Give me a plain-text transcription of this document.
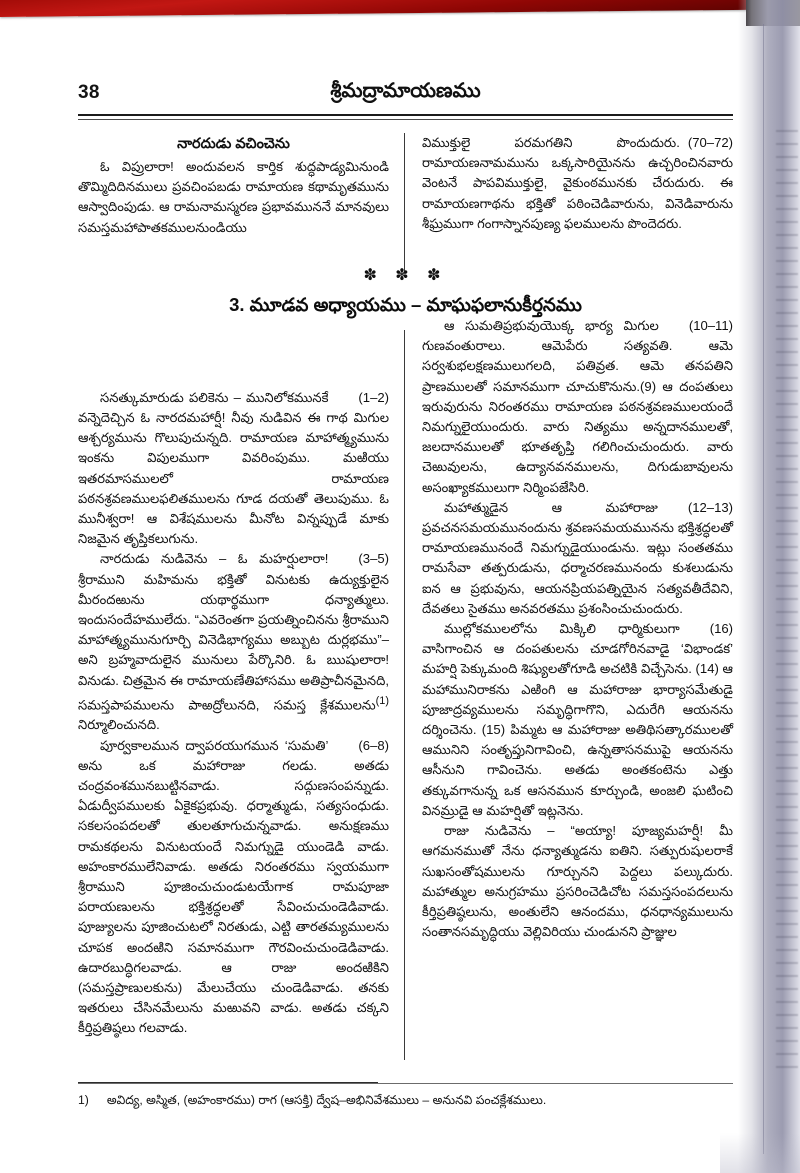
38	శ్రీమద్రామాయణము
నారదుడు వచించెను

ఓ విప్రులారా! అందువలన కార్తిక శుద్ధపాడ్యమినుండి తొమ్మిదిదినములు ప్రవచింపబడు రామాయణ కథామృతమును ఆస్వాదింపుడు. ఆ రామనామస్మరణ ప్రభావముననే మానవులు సమస్తమహాపాతకములనుండియు

(1–2)
సనత్కుమారుడు పలికెను – మునిలోకమునకే వన్నెదెచ్చిన ఓ నారదమహార్షీ! నీవు నుడివిన ఈ గాథ మిగుల ఆశ్చర్యమును గొలుపుచున్నది. రామాయణ మాహాత్మ్యమును ఇంకను విపులముగా వివరింపుము. మఱియు ఇతరమాసములలో రామాయణ పఠనశ్రవణములఫలితములను గూడ దయతో తెలుపుము. ఓ మునీశ్వరా! ఆ విశేషములను మీనోట విన్నప్పుడే మాకు నిజమైన తృప్తికలుగును.

(3–5)
నారదుడు నుడివెను – ఓ మహర్షులారా! శ్రీరాముని మహిమను భక్తితో వినుటకు ఉద్యుక్తులైన మీరందఱును యథార్థముగా ధన్యాత్ములు. ఇందుసందేహములేదు. “ఎవరెంతగా ప్రయత్నించినను శ్రీరాముని మాహాత్మ్యమునుగూర్చి వినెడిభాగ్యము అబ్బుట దుర్లభము”– అని బ్రహ్మవాదులైన మునులు పేర్కొనిరి. ఓ ఋషులారా! వినుడు. చిత్రమైన ఈ రామాయణేతిహాసము అతిప్రాచీనమైనది, సమస్తపాపములను పాఱద్రోలునది, సమస్త క్లేశములను$^{(1)}$ నిర్మూలించునది.

(6–8)
పూర్వకాలమున ద్వాపరయుగమున ‘సుమతి’ అను ఒక మహారాజు గలడు. అతడు చంద్రవంశమునబుట్టినవాడు. సద్గుణసంపన్నుడు. ఏడుద్వీపములకు ఏకైకప్రభువు. ధర్మాత్ముడు, సత్యసంధుడు. సకలసంపదలతో తులతూగుచున్నవాడు. అనుక్షణము రామకథలను వినుటయందే నిమగ్నుడై యుండెడి వాడు. అహంకారములేనివాడు. అతడు నిరంతరము స్వయముగా శ్రీరాముని పూజించుచుండుటయేగాక రామపూజా పరాయణులను భక్తిశ్రద్ధలతో సేవించుచుండెడివాడు. పూజ్యులను పూజించుటలో నిరతుడు, ఎట్టి తారతమ్యములను చూపక అందఱిని సమానముగా గౌరవించుచుండెడివాడు. ఉదారబుద్ధిగలవాడు. ఆ రాజు అందఱికిని (సమస్తప్రాణులకును) మేలుచేయు చుండెడివాడు. తనకు ఇతరులు చేసినమేలును మఱువని వాడు. అతడు చక్కని కీర్తిప్రతిష్ఠలు గలవాడు.

(70–72)
విముక్తులై పరమగతిని పొందుదురు. రామాయణనామమును ఒక్కసారియైనను ఉచ్చరించినవారు వెంటనే పాపవిముక్తులై, వైకుంఠమునకు చేరుదురు. ఈ రామాయణగాథను భక్తితో పఠించెడివారును, వినెడివారును శీఘ్రముగా గంగాస్నానపుణ్య ఫలములను పొందెదరు.

(10–11)
ఆ సుమతిప్రభువుయొక్క భార్య మిగుల గుణవంతురాలు. ఆమెపేరు సత్యవతి. ఆమె సర్వశుభలక్షణములుగలది, పతివ్రత. ఆమె తనపతిని ప్రాణములతో సమానముగా చూచుకొనును.(9) ఆ దంపతులు ఇరువురును నిరంతరము రామాయణ పఠనశ్రవణములయందే నిమగ్నులైయుందురు. వారు నిత్యము అన్నదానములతో, జలదానములతో భూతతృప్తి గలిగించుచుందురు. వారు చెఱువులను, ఉద్యానవనములను, దిగుడుబావులను అసంఖ్యాకములుగా నిర్మింపజేసిరి.

(12–13)
మహాత్ముడైన ఆ మహారాజు ప్రవచనసమయమునందును శ్రవణసమయమునను భక్తిశ్రద్ధలతో రామాయణమునందే నిమగ్నుడైయుండును. ఇట్లు సంతతము రామసేవా తత్పరుడును, ధర్మాచరణమునందు కుశలుడును ఐన ఆ ప్రభువును, ఆయనప్రియపత్నియైన సత్యవతీదేవిని, దేవతలు సైతము అనవరతము ప్రశంసించుచుందురు.

(16)
ముల్లోకములలోను మిక్కిలి ధార్మికులుగా వాసిగాంచిన ఆ దంపతులను చూడగోరినవాడై ‘విభాండక’ మహర్షి పెక్కుమంది శిష్యులతోగూడి అచటికి విచ్చేసెను. (14) ఆ మహామునిరాకను ఎఱింగి ఆ మహారాజు భార్యాసమేతుడై పూజాద్రవ్యములను సమృద్ధిగాగొని, ఎదురేగి ఆయనను దర్శించెను. (15) పిమ్మట ఆ మహారాజు అతిథిసత్కారములతో ఆమునిని సంతృప్తునిగావించి, ఉన్నతాసనముపై ఆయనను ఆసీనుని గావించెను. అతడు అంతకంటెను ఎత్తు తక్కువగానున్న ఒక ఆసనమున కూర్చుండి, అంజలి ఘటించి వినమ్రుడై ఆ మహర్షితో ఇట్లనెను.

రాజు నుడివెను – “అయ్యా! పూజ్యమహర్షీ! మీ ఆగమనముతో నేను ధన్యాత్ముడను ఐతిని. సత్పురుషులరాకే సుఖసంతోషములను గూర్చునని పెద్దలు పల్కుదురు. మహాత్ముల అనుగ్రహము ప్రసరించెడిచోట సమస్తసంపదలును కీర్తిప్రతిష్ఠలును, అంతులేని ఆనందము, ధనధాన్యములును సంతానసమృద్ధియు వెల్లివిరియు చుండునని ప్రాజ్ఞుల

✽ ✽ ✽
3. మూడవ అధ్యాయము – మాఘఫలానుకీర్తనము
1) అవిద్య, అస్మిత, (అహంకారము) రాగ (ఆసక్తి) ద్వేష–అభినివేశములు – అనునవి పంచక్లేశములు.
